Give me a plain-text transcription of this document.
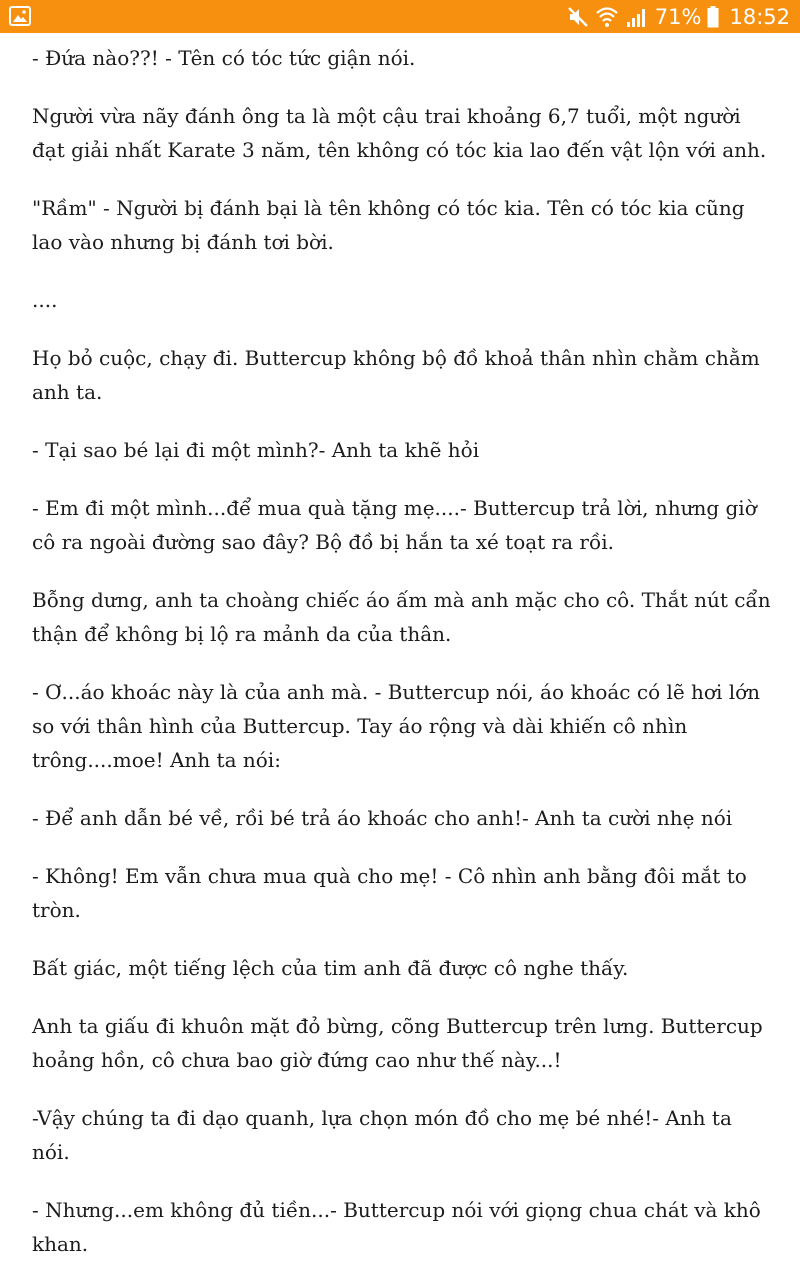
71% 18:52

- Đứa nào??! - Tên có tóc tức giận nói.

Người vừa nãy đánh ông ta là một cậu trai khoảng 6,7 tuổi, một người đạt giải nhất Karate 3 năm, tên không có tóc kia lao đến vật lộn với anh.

"Rầm" - Người bị đánh bại là tên không có tóc kia. Tên có tóc kia cũng lao vào nhưng bị đánh tơi bời.

....

Họ bỏ cuộc, chạy đi. Buttercup không bộ đồ khoả thân nhìn chằm chằm anh ta.

- Tại sao bé lại đi một mình?- Anh ta khẽ hỏi

- Em đi một mình...để mua quà tặng mẹ....- Buttercup trả lời, nhưng giờ cô ra ngoài đường sao đây? Bộ đồ bị hắn ta xé toạt ra rồi.

Bỗng dưng, anh ta choàng chiếc áo ấm mà anh mặc cho cô. Thắt nút cẩn thận để không bị lộ ra mảnh da của thân.

- Ơ...áo khoác này là của anh mà. - Buttercup nói, áo khoác có lẽ hơi lớn so với thân hình của Buttercup. Tay áo rộng và dài khiến cô nhìn trông....moe! Anh ta nói:

- Để anh dẫn bé về, rồi bé trả áo khoác cho anh!- Anh ta cười nhẹ nói

- Không! Em vẫn chưa mua quà cho mẹ! - Cô nhìn anh bằng đôi mắt to tròn.

Bất giác, một tiếng lệch của tim anh đã được cô nghe thấy.

Anh ta giấu đi khuôn mặt đỏ bừng, cõng Buttercup trên lưng. Buttercup hoảng hồn, cô chưa bao giờ đứng cao như thế này...!

-Vậy chúng ta đi dạo quanh, lựa chọn món đồ cho mẹ bé nhé!- Anh ta nói.

- Nhưng...em không đủ tiền...- Buttercup nói với giọng chua chát và khô khan.
